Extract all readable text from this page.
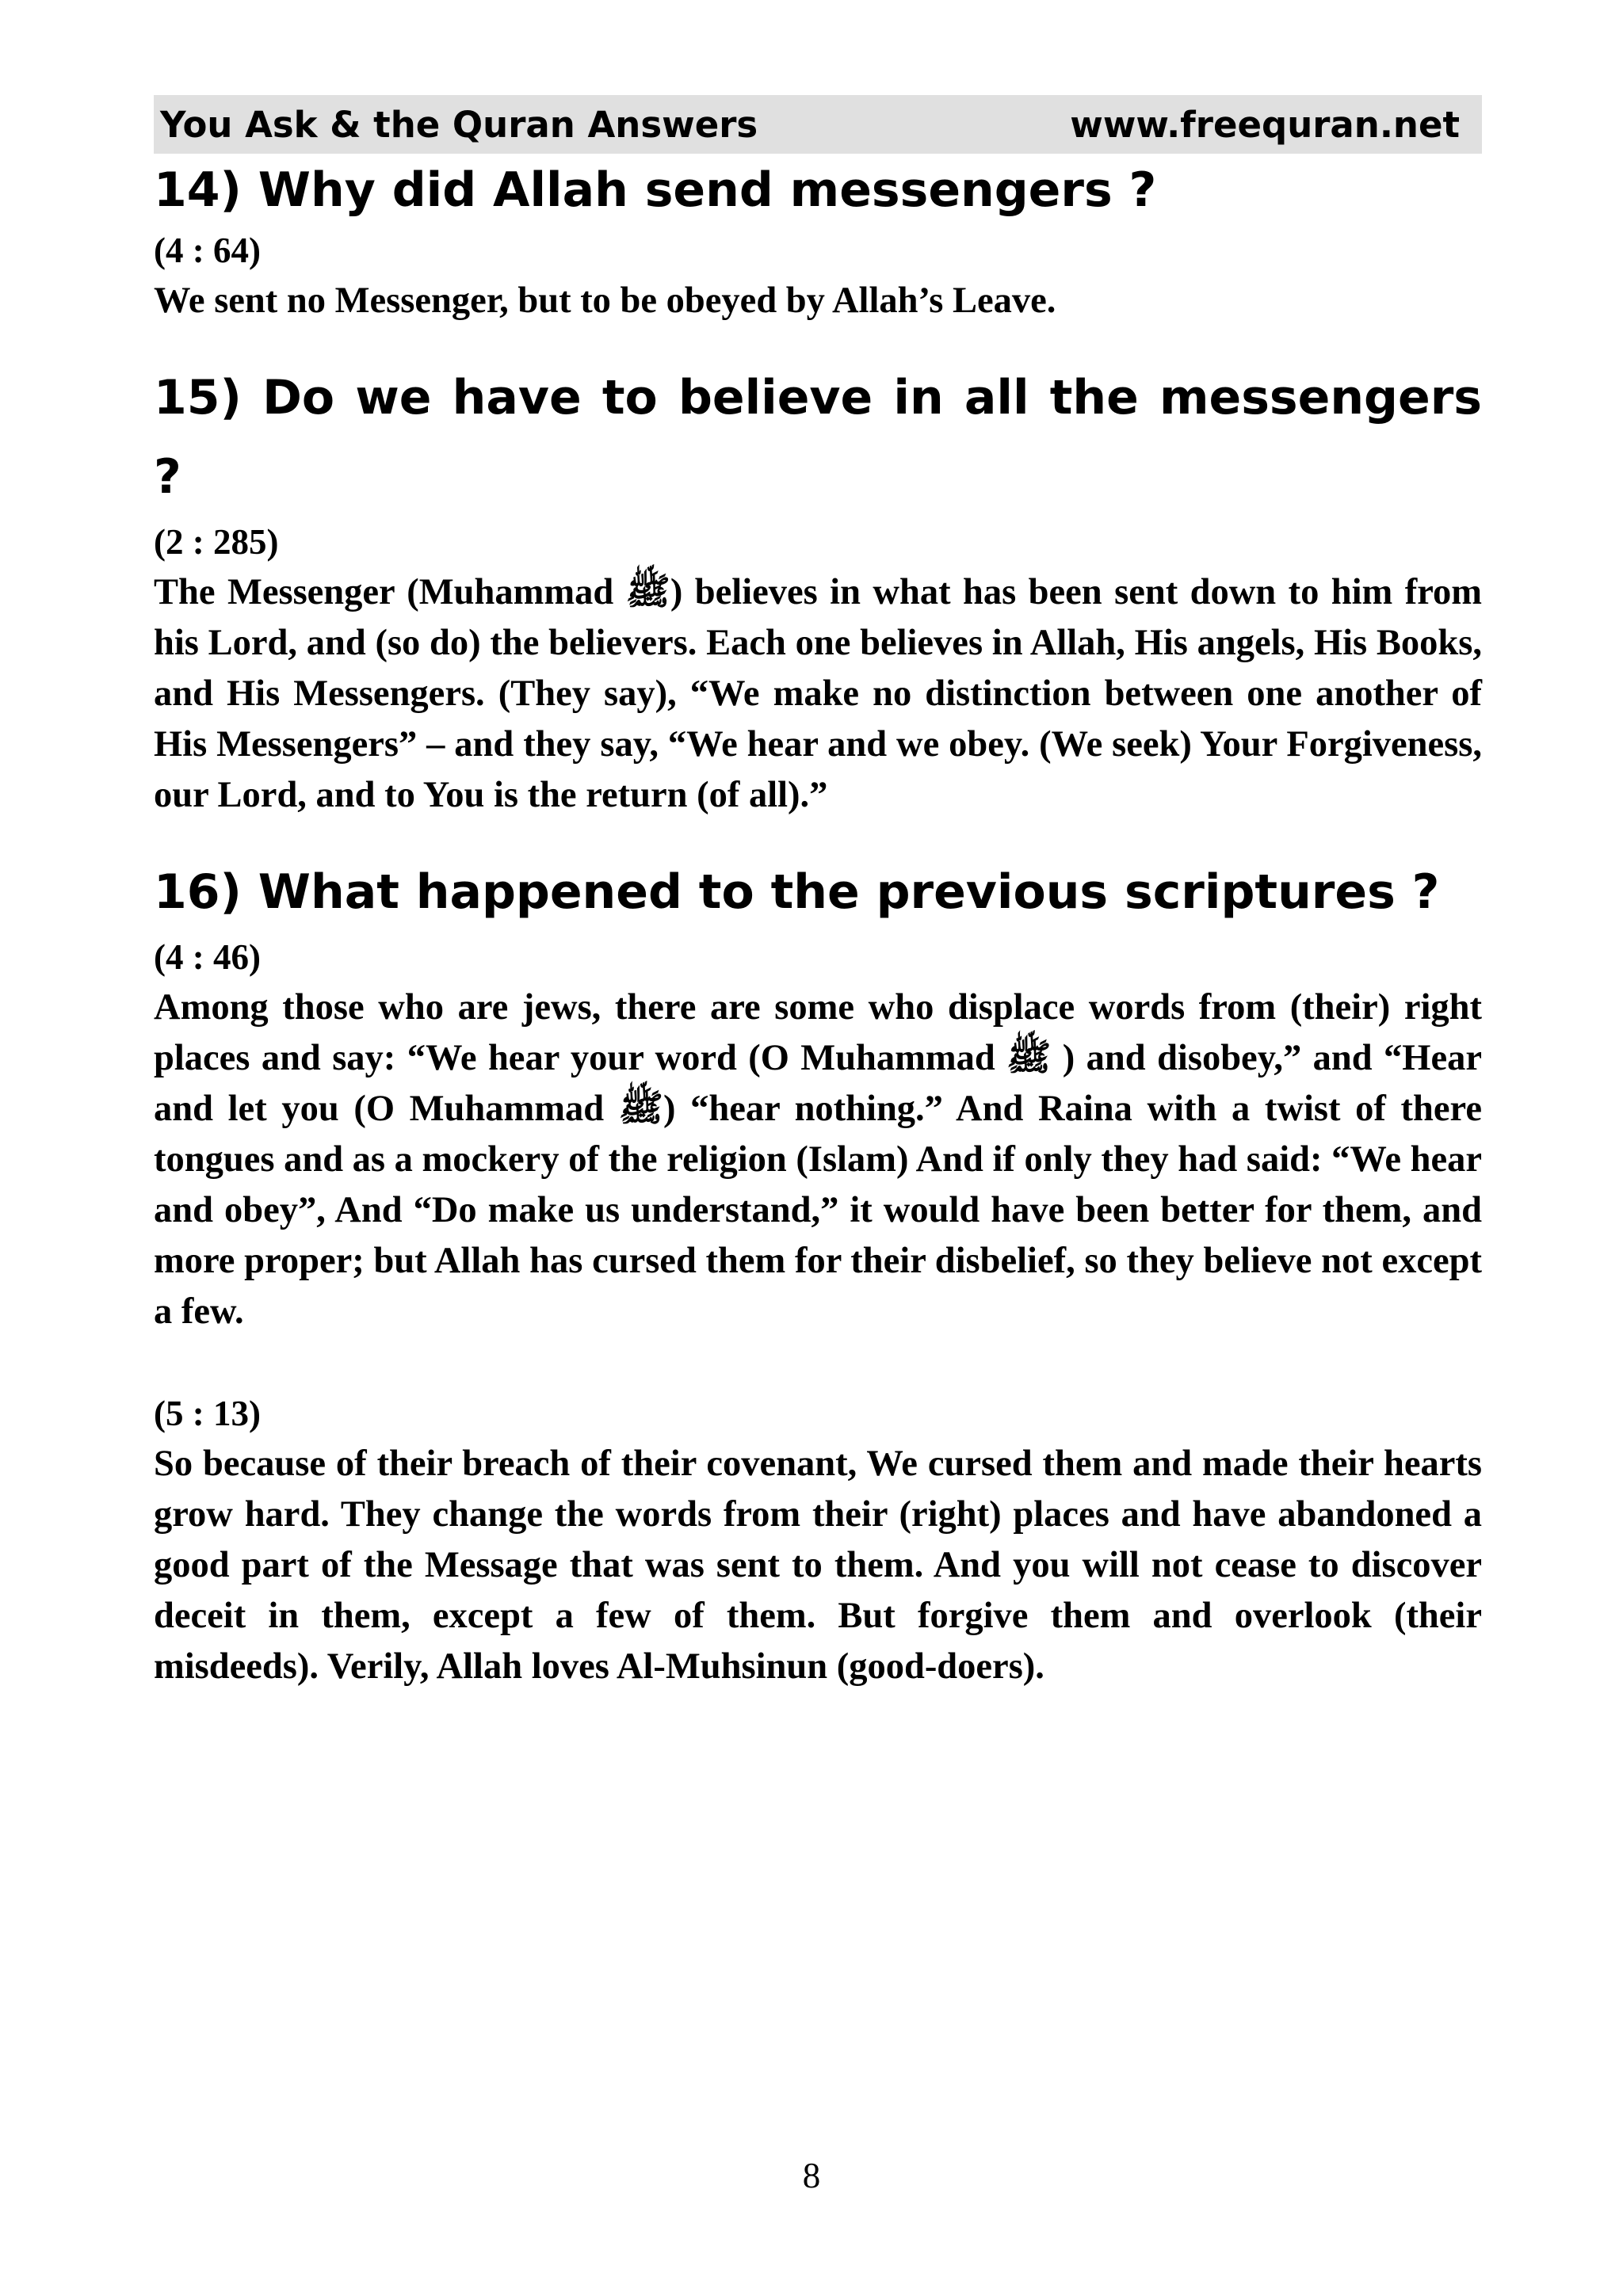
You Ask & the Quran Answers	www.freequran.net
14) Why did Allah send messengers ?

(4 : 64)

We sent no Messenger, but to be obeyed by Allah’s Leave.

15) Do we have to believe in all the messengers ?

(2 : 285)

The Messenger (Muhammad ﷺ) believes in what has been sent down to him from his Lord, and (so do) the believers. Each one believes in Allah, His angels, His Books, and His Messengers. (They say), “We make no distinction between one another of His Messengers” – and they say, “We hear and we obey. (We seek) Your Forgiveness, our Lord, and to You is the return (of all).”

16) What happened to the previous scriptures ?

(4 : 46)

Among those who are jews, there are some who displace words from (their) right places and say: “We hear your word (O Muhammad ﷺ ) and disobey,” and “Hear and let you (O Muhammad ﷺ) “hear nothing.” And Raina with a twist of there tongues and as a mockery of the religion (Islam) And if only they had said: “We hear and obey”, And “Do make us understand,” it would have been better for them, and more proper; but Allah has cursed them for their disbelief, so they believe not except a few.

(5 : 13)

So because of their breach of their covenant, We cursed them and made their hearts grow hard. They change the words from their (right) places and have abandoned a good part of the Message that was sent to them. And you will not cease to discover deceit in them, except a few of them. But forgive them and overlook (their misdeeds). Verily, Allah loves Al-Muhsinun (good-doers).

8
